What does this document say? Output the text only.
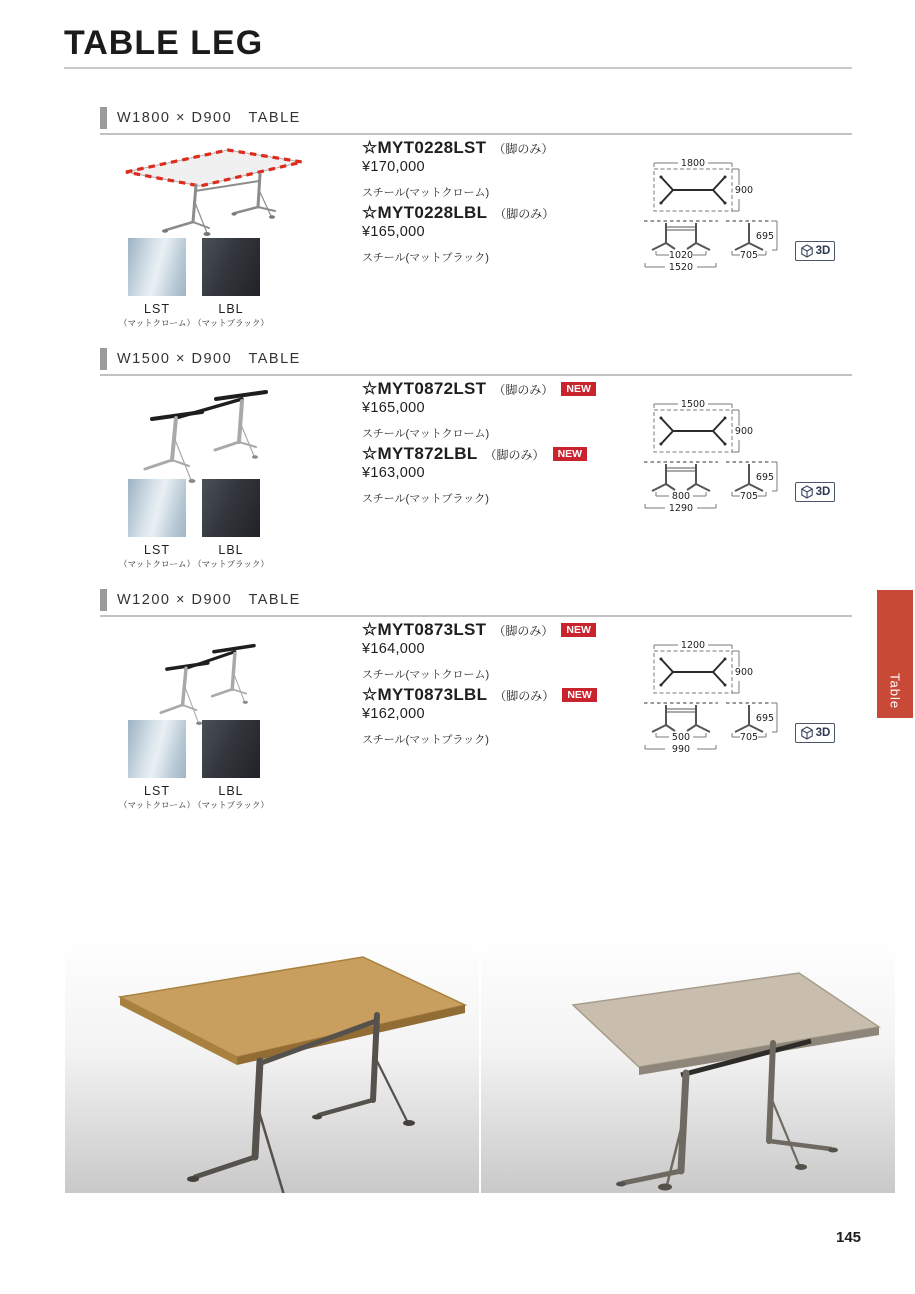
TABLE LEG
W1800 × D900   TABLE
LST
（マットクローム）
LBL
（マットブラック）
☆MYT0228LST （脚のみ）
¥170,000
スチール(マットクローム)
☆MYT0228LBL （脚のみ）
¥165,000
スチール(マットブラック)
1800
900
1020
1520
705
695
3D
W1500 × D900   TABLE
LST
（マットクローム）
LBL
（マットブラック）
☆MYT0872LST （脚のみ）	NEW
¥165,000
スチール(マットクローム)
☆MYT872LBL （脚のみ）	NEW
¥163,000
スチール(マットブラック)
1500
900
800
1290
705
695
3D
W1200 × D900   TABLE
LST
（マットクローム）
LBL
（マットブラック）
☆MYT0873LST （脚のみ）	NEW
¥164,000
スチール(マットクローム)
☆MYT0873LBL （脚のみ）	NEW
¥162,000
スチール(マットブラック)
1200
900
500
990
705
695
3D
Table
145
